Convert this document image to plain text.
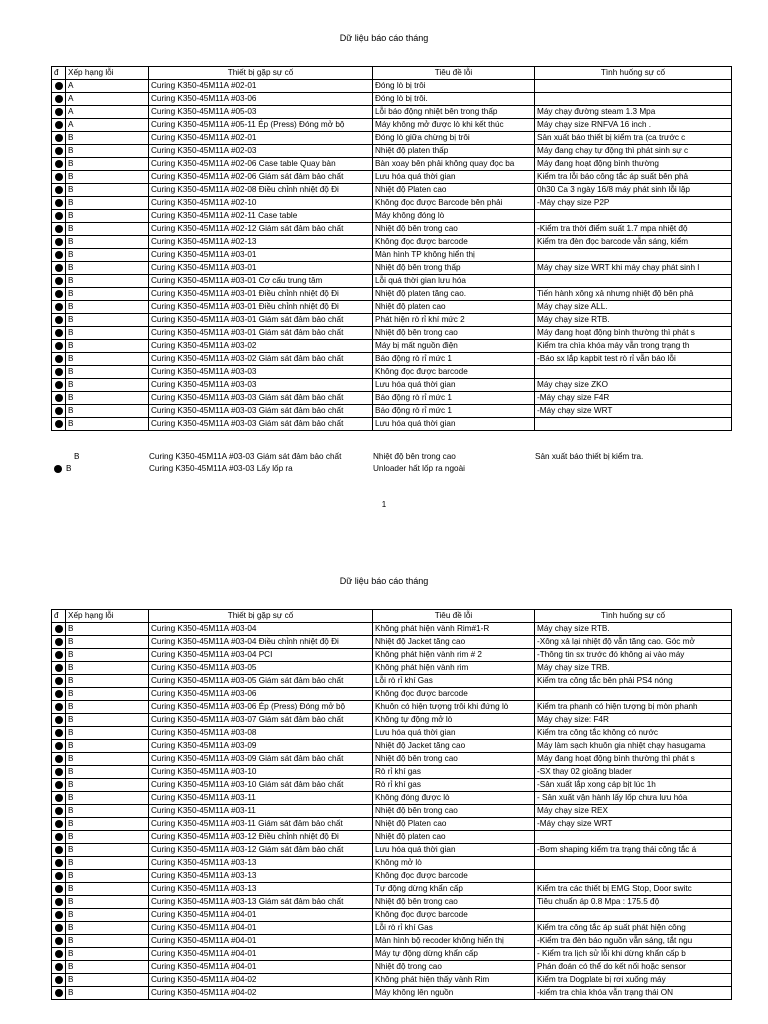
Dữ liệu báo cáo tháng
đ	Xếp hạng lỗi	Thiết bị gặp sự cố	Tiêu đề lỗi	Tình huống sự cố
	A	Curing K350-45M11A #02-01	Đóng lò bị trôi	
	A	Curing K350-45M11A #03-06	Đóng lò bị trôi.	
	A	Curing K350-45M11A #05-03	Lỗi báo động nhiệt bên trong thấp	Máy chạy đường steam 1.3 Mpa
	A	Curing K350-45M11A #05-11 Ép (Press) Đóng mở bộ	Máy không mở được lò khi kết thúc	Máy chạy size RNFVA 16 inch .
	B	Curing K350-45M11A #02-01	Đóng lò giữa chừng bị trôi	Sản xuất báo thiết bị kiểm tra (ca trước c
	B	Curing K350-45M11A #02-03	Nhiệt độ platen thấp	Máy đang chạy tự động thì phát sinh sự c
	B	Curing K350-45M11A #02-06 Case table Quay bàn	Bàn xoay bên phải không quay đọc ba	Máy đang hoạt động bình thường
	B	Curing K350-45M11A #02-06 Giám sát đảm bảo chất	Lưu hóa quá thời gian	Kiểm tra lỗi báo công tắc áp suất bên phả
	B	Curing K350-45M11A #02-08 Điều chỉnh nhiệt độ Đi	Nhiệt độ Platen cao	0h30 Ca 3 ngày 16/8 máy phát sinh lỗi lập
	B	Curing K350-45M11A #02-10	Không đọc được Barcode bên phải	-Máy chạy size P2P
	B	Curing K350-45M11A #02-11 Case table	Máy không đóng lò	
	B	Curing K350-45M11A #02-12 Giám sát đảm bảo chất	Nhiệt độ bên trong cao	-Kiểm tra thời điểm suất 1.7 mpa nhiệt độ
	B	Curing K350-45M11A #02-13	Không đọc được barcode	Kiểm tra đèn đọc barcode vẫn sáng, kiểm
	B	Curing K350-45M11A #03-01	Màn hình TP không hiển thị	
	B	Curing K350-45M11A #03-01	Nhiệt độ bên trong thấp	Máy chạy size WRT khi máy chạy phát sinh l
	B	Curing K350-45M11A #03-01 Cơ cấu trung tâm	Lỗi quá thời gian lưu hóa	
	B	Curing K350-45M11A #03-01 Điều chỉnh nhiệt độ Đi	Nhiệt độ platen tăng cao.	Tiến hành xông xả nhưng nhiệt độ bên phả
	B	Curing K350-45M11A #03-01 Điều chỉnh nhiệt độ Đi	Nhiệt độ platen cao	Máy chạy size ALL.
	B	Curing K350-45M11A #03-01 Giám sát đảm bảo chất	Phát hiện rò rỉ khí mức 2	Máy chạy size RTB.
	B	Curing K350-45M11A #03-01 Giám sát đảm bảo chất	Nhiệt độ bên trong cao	Máy đang hoạt động bình thường thì phát s
	B	Curing K350-45M11A #03-02	Máy bị mất nguồn điện	Kiểm tra chìa khóa máy vẫn trong trạng th
	B	Curing K350-45M11A #03-02 Giám sát đảm bảo chất	Báo động rò rỉ mức 1	-Báo sx lắp kapbit test rò rỉ vẫn báo lỗi
	B	Curing K350-45M11A #03-03	Không đọc được barcode	
	B	Curing K350-45M11A #03-03	Lưu hóa quá thời gian	Máy chạy size ZKO
	B	Curing K350-45M11A #03-03 Giám sát đảm bảo chất	Báo động rò rỉ mức 1	-Máy chạy size F4R
	B	Curing K350-45M11A #03-03 Giám sát đảm bảo chất	Báo động rò rỉ mức 1	-Máy chạy size WRT
	B	Curing K350-45M11A #03-03 Giám sát đảm bảo chất	Lưu hóa quá thời gian	
	B	Curing K350-45M11A #03-03 Giám sát đảm bảo chất	Nhiệt độ bên trong cao	Sản xuất báo thiết bị kiểm tra.
	B	Curing K350-45M11A #03-03 Lấy lốp ra	Unloader hất lốp ra ngoài	
1
Dữ liệu báo cáo tháng
đ	Xếp hạng lỗi	Thiết bị gặp sự cố	Tiêu đề lỗi	Tình huống sự cố
	B	Curing K350-45M11A #03-04	Không phát hiện vành Rim#1-R	Máy chạy size RTB.
	B	Curing K350-45M11A #03-04 Điều chỉnh nhiệt độ Đi	Nhiệt độ Jacket tăng cao	-Xông xả lại nhiệt độ vẫn tăng cao. Góc mở
	B	Curing K350-45M11A #03-04 PCI	Không phát hiện vành rim # 2	-Thông tin sx trước đó không ai vào máy
	B	Curing K350-45M11A #03-05	Không phát hiện vành rim	Máy chạy size TRB.
	B	Curing K350-45M11A #03-05 Giám sát đảm bảo chất	Lỗi rò rỉ khí Gas	Kiểm tra công tắc bên phải PS4 nóng
	B	Curing K350-45M11A #03-06	Không đọc được barcode	
	B	Curing K350-45M11A #03-06 Ép (Press) Đóng mở bộ	Khuôn có hiện tượng trôi khi đứng lò	Kiểm tra phanh có hiện tượng bị mòn phanh
	B	Curing K350-45M11A #03-07 Giám sát đảm bảo chất	Không tự động mở lò	Máy chạy size: F4R
	B	Curing K350-45M11A #03-08	Lưu hóa quá thời gian	Kiểm tra công tắc không có nước
	B	Curing K350-45M11A #03-09	Nhiệt độ Jacket tăng cao	Máy làm sạch khuôn gia nhiệt chạy hasugama
	B	Curing K350-45M11A #03-09 Giám sát đảm bảo chất	Nhiệt độ bên trong cao	Máy đang hoạt động bình thường thì phát s
	B	Curing K350-45M11A #03-10	Rò rỉ khí gas	-SX thay 02 gioăng blader
	B	Curing K350-45M11A #03-10 Giám sát đảm bảo chất	Rò rỉ khí gas	-Sản xuất lắp xong cáp bịt lúc 1h
	B	Curing K350-45M11A #03-11	Không đóng được lò	- Sản xuất vận hành lấy lốp chưa lưu hóa
	B	Curing K350-45M11A #03-11	Nhiệt độ bên trong cao	Máy chạy size REX
	B	Curing K350-45M11A #03-11 Giám sát đảm bảo chất	Nhiệt độ Platen cao	-Máy chạy size WRT
	B	Curing K350-45M11A #03-12 Điều chỉnh nhiệt độ Đi	Nhiệt độ platen cao	
	B	Curing K350-45M11A #03-12 Giám sát đảm bảo chất	Lưu hóa quá thời gian	-Bơm shaping kiểm tra trạng thái công tắc á
	B	Curing K350-45M11A #03-13	Không mở lò	
	B	Curing K350-45M11A #03-13	Không đọc được barcode	
	B	Curing K350-45M11A #03-13	Tự động dừng khẩn cấp	Kiểm tra các thiết bị EMG Stop, Door switc
	B	Curing K350-45M11A #03-13 Giám sát đảm bảo chất	Nhiệt độ bên trong cao	Tiêu chuẩn áp 0.8 Mpa : 175.5 độ
	B	Curing K350-45M11A #04-01	Không đọc được barcode	
	B	Curing K350-45M11A #04-01	Lỗi rò rỉ khí Gas	Kiểm tra công tắc áp suất phát hiện công
	B	Curing K350-45M11A #04-01	Màn hình bộ recoder không hiển thị	-Kiểm tra đèn báo nguồn vẫn sáng, tắt ngu
	B	Curing K350-45M11A #04-01	Máy tự động dừng khẩn cấp	- Kiểm tra lịch sử lỗi khi dừng khẩn cấp b
	B	Curing K350-45M11A #04-01	Nhiệt độ trong cao	Phán đoán có thể do kết nối hoặc sensor
	B	Curing K350-45M11A #04-02	Không phát hiện thấy vành Rim	Kiểm tra Dogplate bị rơi xuống máy
	B	Curing K350-45M11A #04-02	Máy không lên nguồn	-kiểm tra chìa khóa vẫn trạng thái ON
